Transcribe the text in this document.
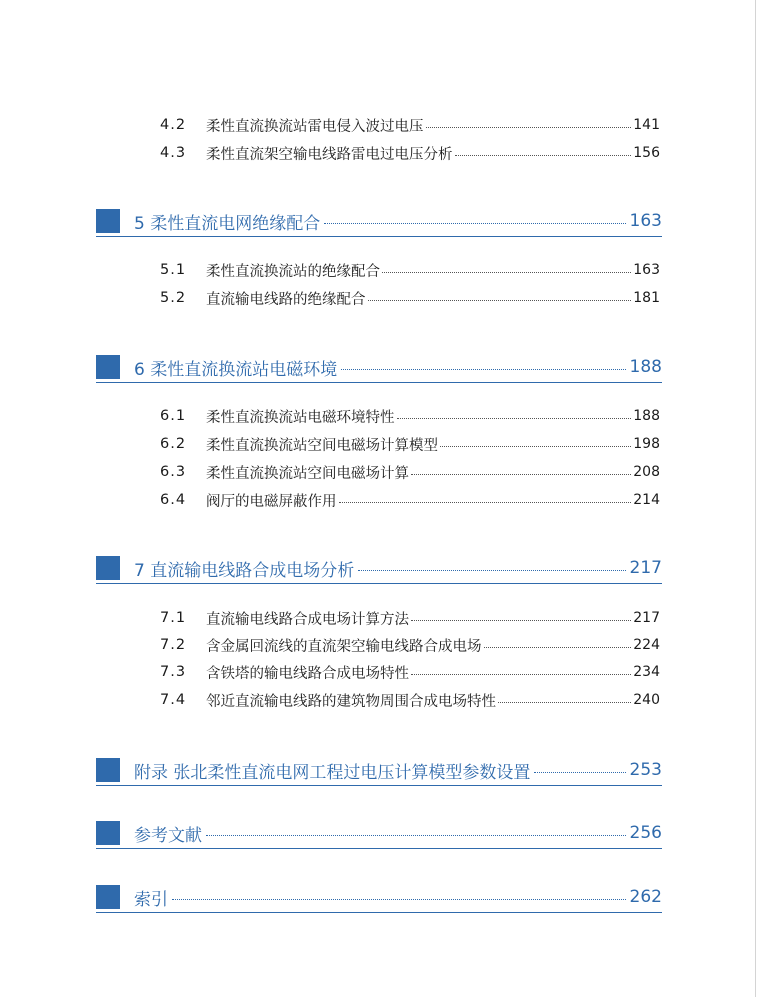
4.2	柔性直流换流站雷电侵入波过电压	141
4.3	柔性直流架空输电线路雷电过电压分析	156
5 柔性直流电网绝缘配合	163
5.1	柔性直流换流站的绝缘配合	163
5.2	直流输电线路的绝缘配合	181
6 柔性直流换流站电磁环境	188
6.1	柔性直流换流站电磁环境特性	188
6.2	柔性直流换流站空间电磁场计算模型	198
6.3	柔性直流换流站空间电磁场计算	208
6.4	阀厅的电磁屏蔽作用	214
7 直流输电线路合成电场分析	217
7.1	直流输电线路合成电场计算方法	217
7.2	含金属回流线的直流架空输电线路合成电场	224
7.3	含铁塔的输电线路合成电场特性	234
7.4	邻近直流输电线路的建筑物周围合成电场特性	240
附录 张北柔性直流电网工程过电压计算模型参数设置	253
参考文献	256
索引	262
